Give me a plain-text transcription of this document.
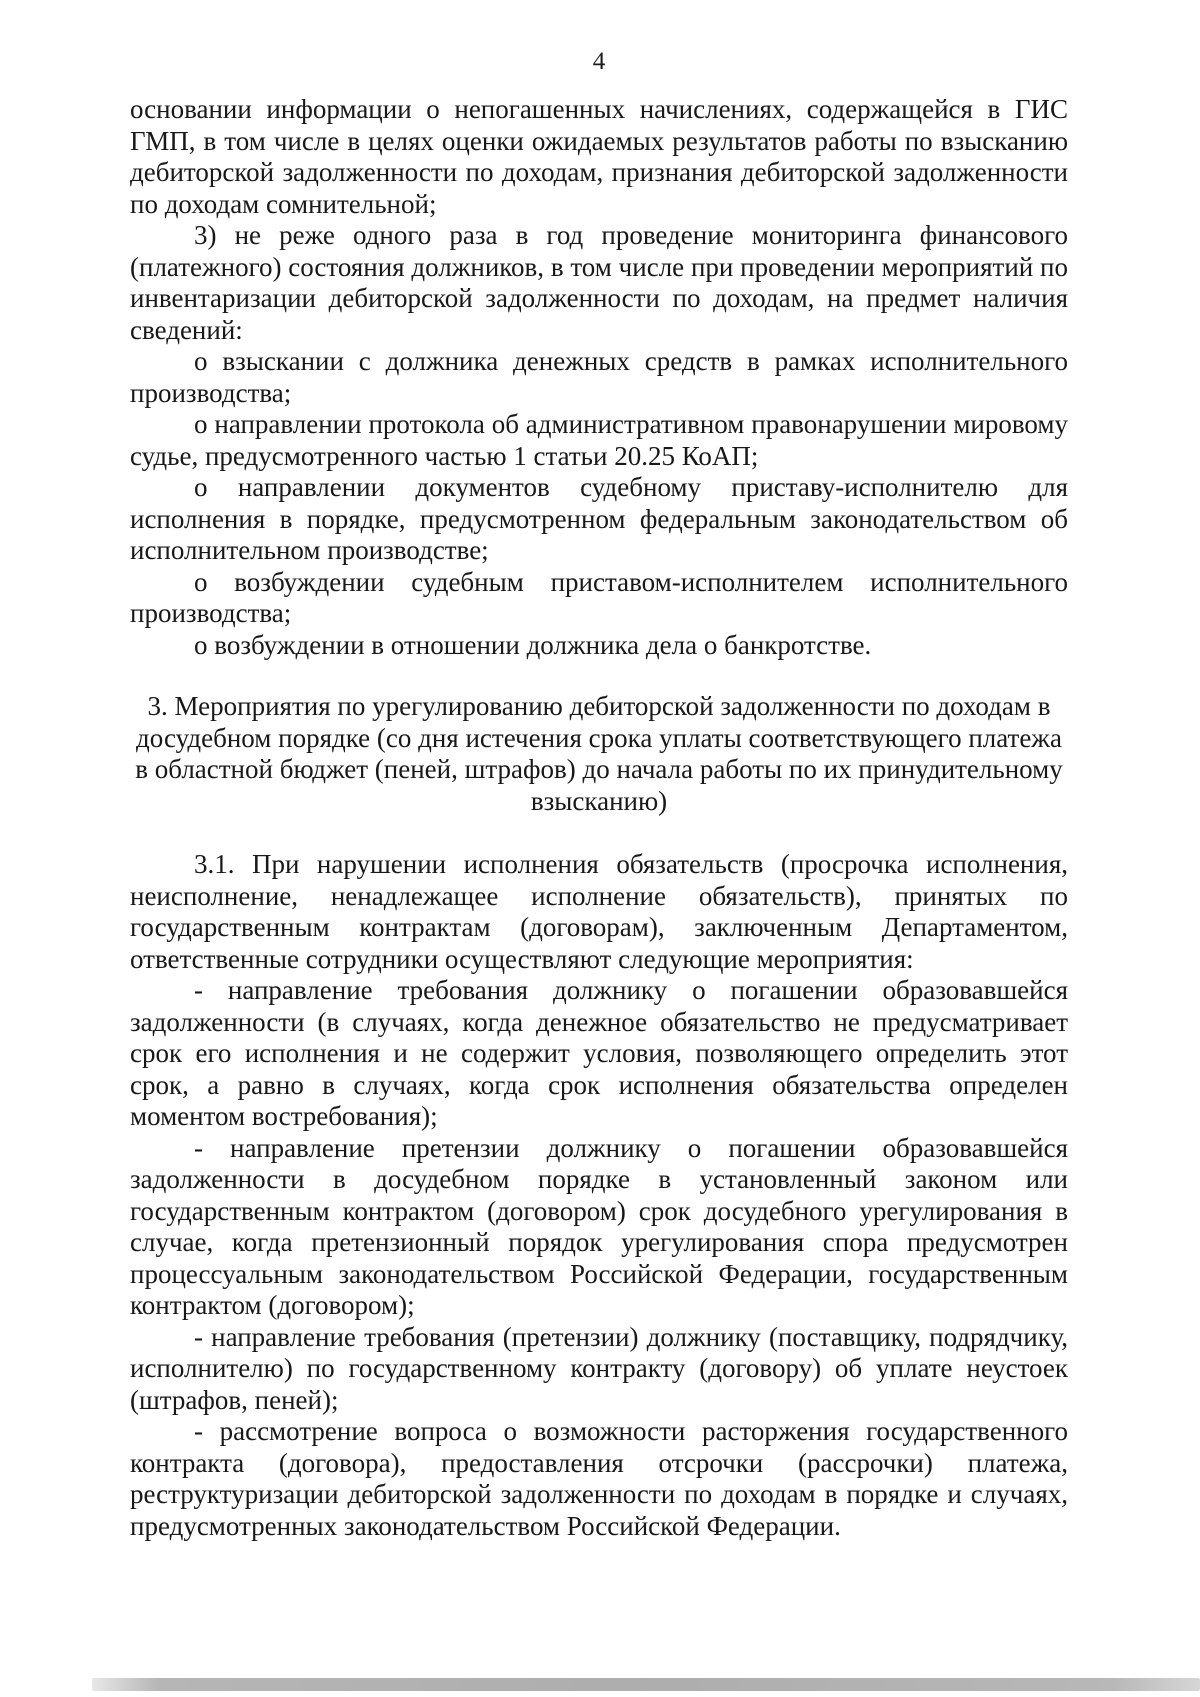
4

основании информации о непогашенных начислениях, содержащейся в ГИС ГМП, в том числе в целях оценки ожидаемых результатов работы по взысканию дебиторской задолженности по доходам, признания дебиторской задолженности по доходам сомнительной;

3) не реже одного раза в год проведение мониторинга финансового (платежного) состояния должников, в том числе при проведении мероприятий по инвентаризации дебиторской задолженности по доходам, на предмет наличия сведений:

о взыскании с должника денежных средств в рамках исполнительного производства;

о направлении протокола об административном правонарушении мировому судье, предусмотренного частью 1 статьи 20.25 КоАП;

о направлении документов судебному приставу-исполнителю для исполнения в порядке, предусмотренном федеральным законодательством об исполнительном производстве;

о возбуждении судебным приставом-исполнителем исполнительного производства;

о возбуждении в отношении должника дела о банкротстве.

3. Мероприятия по урегулированию дебиторской задолженности по доходам в досудебном порядке (со дня истечения срока уплаты соответствующего платежа в областной бюджет (пеней, штрафов) до начала работы по их принудительному взысканию)

3.1. При нарушении исполнения обязательств (просрочка исполнения, неисполнение, ненадлежащее исполнение обязательств), принятых по государственным контрактам (договорам), заключенным Департаментом, ответственные сотрудники осуществляют следующие мероприятия:

- направление требования должнику о погашении образовавшейся задолженности (в случаях, когда денежное обязательство не предусматривает срок его исполнения и не содержит условия, позволяющего определить этот срок, а равно в случаях, когда срок исполнения обязательства определен моментом востребования);

- направление претензии должнику о погашении образовавшейся задолженности в досудебном порядке в установленный законом или государственным контрактом (договором) срок досудебного урегулирования в случае, когда претензионный порядок урегулирования спора предусмотрен процессуальным законодательством Российской Федерации, государственным контрактом (договором);

- направление требования (претензии) должнику (поставщику, подрядчику, исполнителю) по государственному контракту (договору) об уплате неустоек (штрафов, пеней);

- рассмотрение вопроса о возможности расторжения государственного контракта (договора), предоставления отсрочки (рассрочки) платежа, реструктуризации дебиторской задолженности по доходам в порядке и случаях, предусмотренных законодательством Российской Федерации.
